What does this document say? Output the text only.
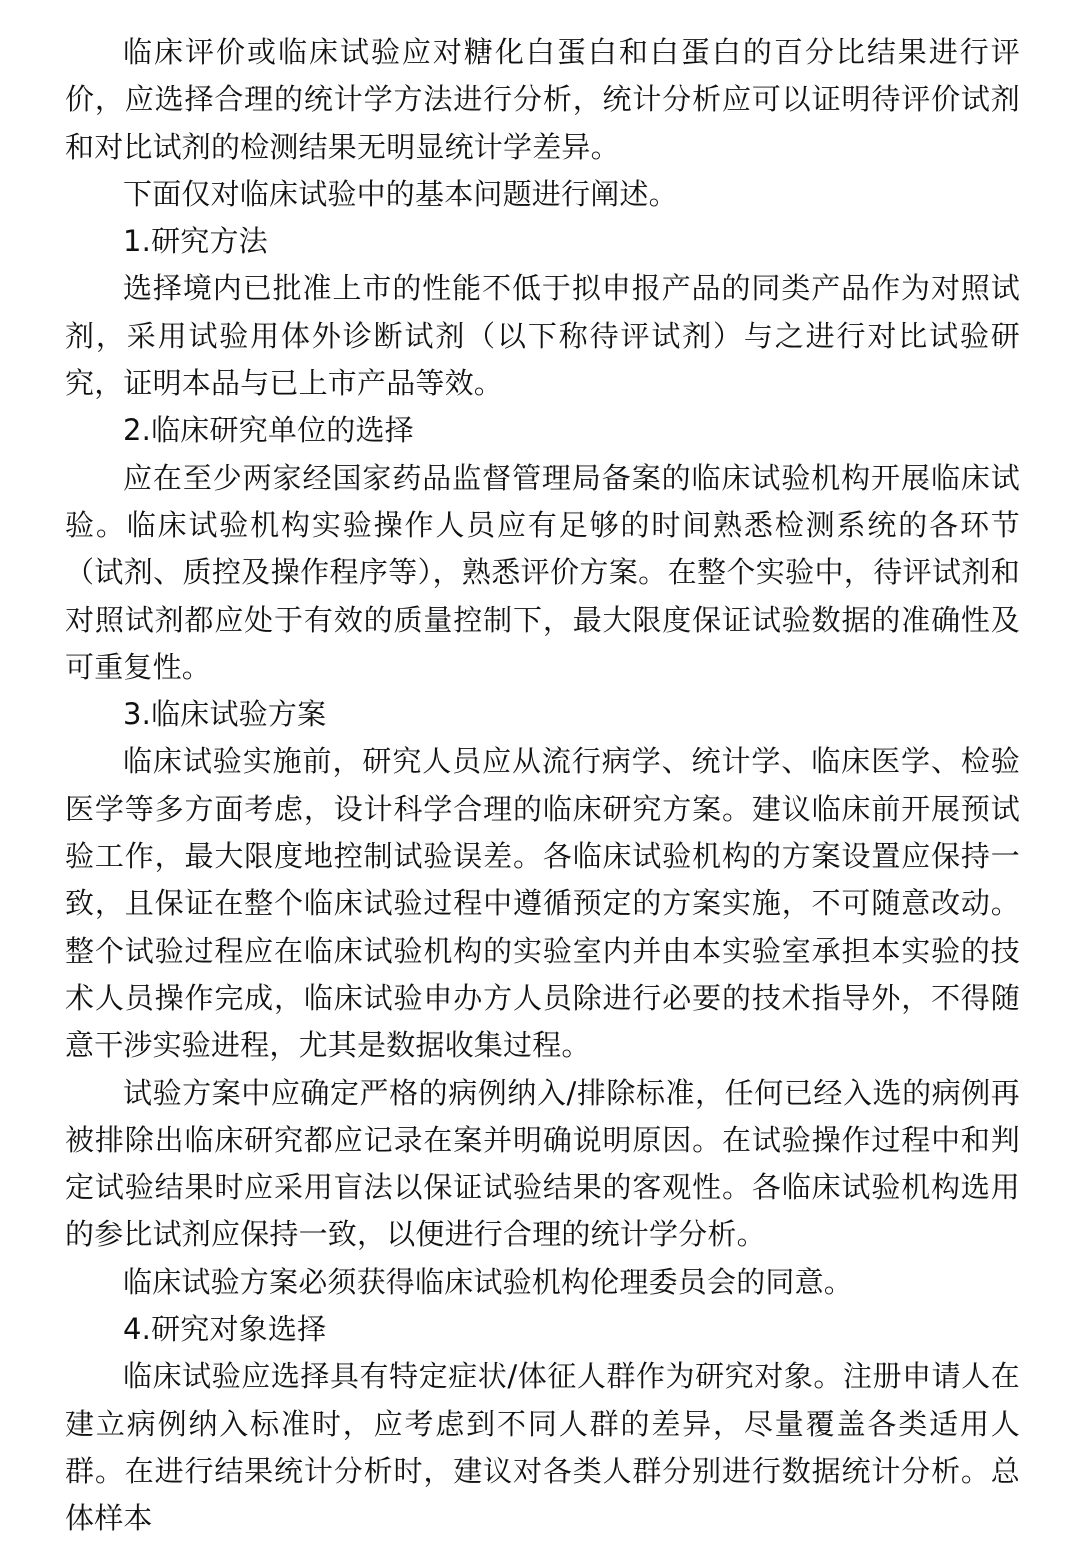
临床评价或临床试验应对糖化白蛋白和白蛋白的百分比结果进行评价，应选择合理的统计学方法进行分析，统计分析应可以证明待评价试剂和对比试剂的检测结果无明显统计学差异。

下面仅对临床试验中的基本问题进行阐述。

1.研究方法

选择境内已批准上市的性能不低于拟申报产品的同类产品作为对照试剂，采用试验用体外诊断试剂（以下称待评试剂）与之进行对比试验研究，证明本品与已上市产品等效。

2.临床研究单位的选择

应在至少两家经国家药品监督管理局备案的临床试验机构开展临床试验。临床试验机构实验操作人员应有足够的时间熟悉检测系统的各环节（试剂、质控及操作程序等），熟悉评价方案。在整个实验中，待评试剂和对照试剂都应处于有效的质量控制下，最大限度保证试验数据的准确性及可重复性。

3.临床试验方案

临床试验实施前，研究人员应从流行病学、统计学、临床医学、检验医学等多方面考虑，设计科学合理的临床研究方案。建议临床前开展预试验工作，最大限度地控制试验误差。各临床试验机构的方案设置应保持一致，且保证在整个临床试验过程中遵循预定的方案实施，不可随意改动。整个试验过程应在临床试验机构的实验室内并由本实验室承担本实验的技术人员操作完成，临床试验申办方人员除进行必要的技术指导外，不得随意干涉实验进程，尤其是数据收集过程。

试验方案中应确定严格的病例纳入/排除标准，任何已经入选的病例再被排除出临床研究都应记录在案并明确说明原因。在试验操作过程中和判定试验结果时应采用盲法以保证试验结果的客观性。各临床试验机构选用的参比试剂应保持一致，以便进行合理的统计学分析。

临床试验方案必须获得临床试验机构伦理委员会的同意。

4.研究对象选择

临床试验应选择具有特定症状/体征人群作为研究对象。注册申请人在建立病例纳入标准时，应考虑到不同人群的差异，尽量覆盖各类适用人群。在进行结果统计分析时，建议对各类人群分别进行数据统计分析。总体样本
